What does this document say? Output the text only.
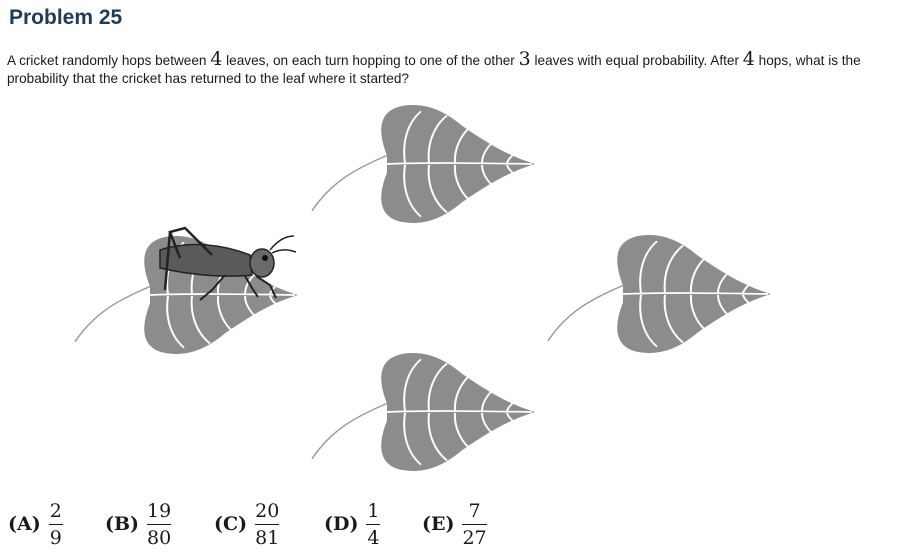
Problem 25
A cricket randomly hops between 4 leaves, on each turn hopping to one of the other 3 leaves with equal probability. After 4 hops, what is the probability that the cricket has returned to the leaf where it started?
$(A) \frac{2}{9} (B) \frac{19}{80} (C) \frac{20}{81} (D) \frac{1}{4} (E) \frac{7}{27}$
